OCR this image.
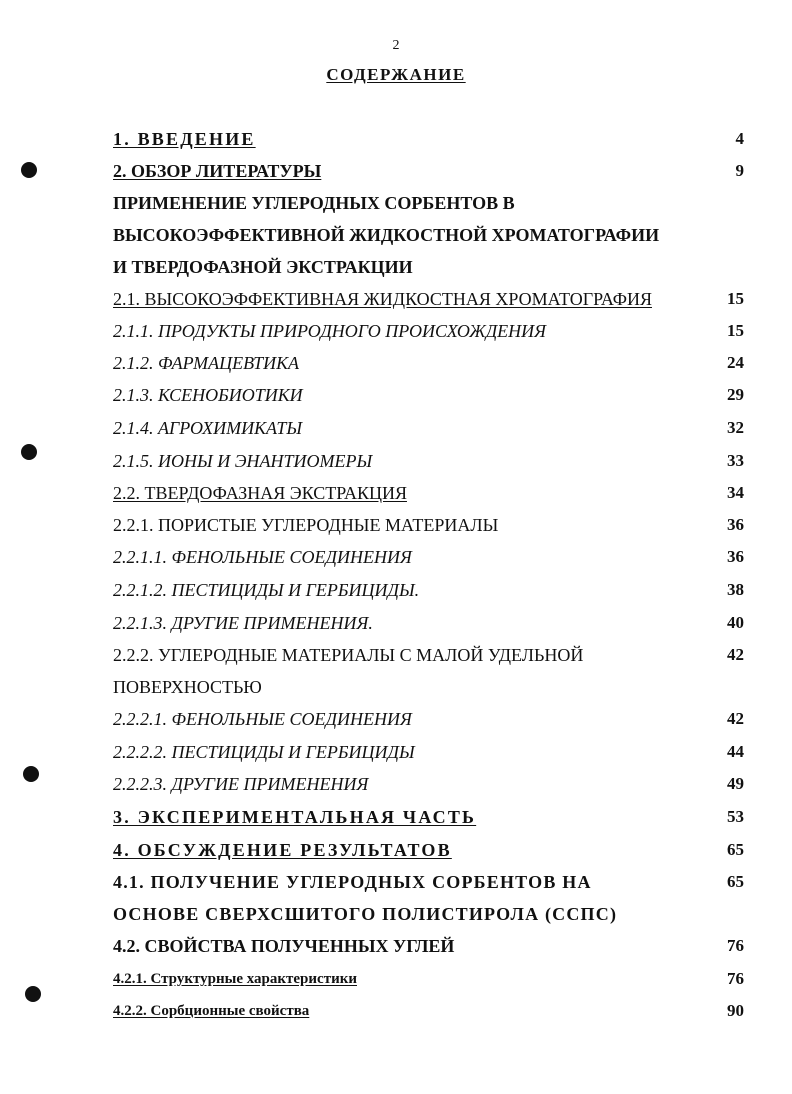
2
СОДЕРЖАНИЕ
1. ВВЕДЕНИЕ	4
2. ОБЗОР ЛИТЕРАТУРЫ	9
ПРИМЕНЕНИЕ УГЛЕРОДНЫХ СОРБЕНТОВ В
ВЫСОКОЭФФЕКТИВНОЙ ЖИДКОСТНОЙ ХРОМАТОГРАФИИ
И ТВЕРДОФАЗНОЙ ЭКСТРАКЦИИ
2.1. ВЫСОКОЭФФЕКТИВНАЯ ЖИДКОСТНАЯ ХРОМАТОГРАФИЯ	15
2.1.1. ПРОДУКТЫ ПРИРОДНОГО ПРОИСХОЖДЕНИЯ	15
2.1.2. ФАРМАЦЕВТИКА	24
2.1.3. КСЕНОБИОТИКИ	29
2.1.4. АГРОХИМИКАТЫ	32
2.1.5. ИОНЫ И ЭНАНТИОМЕРЫ	33
2.2. ТВЕРДОФАЗНАЯ ЭКСТРАКЦИЯ	34
2.2.1. ПОРИСТЫЕ УГЛЕРОДНЫЕ МАТЕРИАЛЫ	36
2.2.1.1. ФЕНОЛЬНЫЕ СОЕДИНЕНИЯ	36
2.2.1.2. ПЕСТИЦИДЫ И ГЕРБИЦИДЫ.	38
2.2.1.3. ДРУГИЕ ПРИМЕНЕНИЯ.	40
2.2.2. УГЛЕРОДНЫЕ МАТЕРИАЛЫ С МАЛОЙ УДЕЛЬНОЙ	42
ПОВЕРХНОСТЬЮ
2.2.2.1. ФЕНОЛЬНЫЕ СОЕДИНЕНИЯ	42
2.2.2.2. ПЕСТИЦИДЫ И ГЕРБИЦИДЫ	44
2.2.2.3. ДРУГИЕ ПРИМЕНЕНИЯ	49
3. ЭКСПЕРИМЕНТАЛЬНАЯ ЧАСТЬ	53
4. ОБСУЖДЕНИЕ РЕЗУЛЬТАТОВ	65
4.1. ПОЛУЧЕНИЕ УГЛЕРОДНЫХ СОРБЕНТОВ НА	65
ОСНОВЕ СВЕРХСШИТОГО ПОЛИСТИРОЛА (ССПС)
4.2. СВОЙСТВА ПОЛУЧЕННЫХ УГЛЕЙ	76
4.2.1. Структурные характеристики	76
4.2.2. Сорбционные свойства	90
